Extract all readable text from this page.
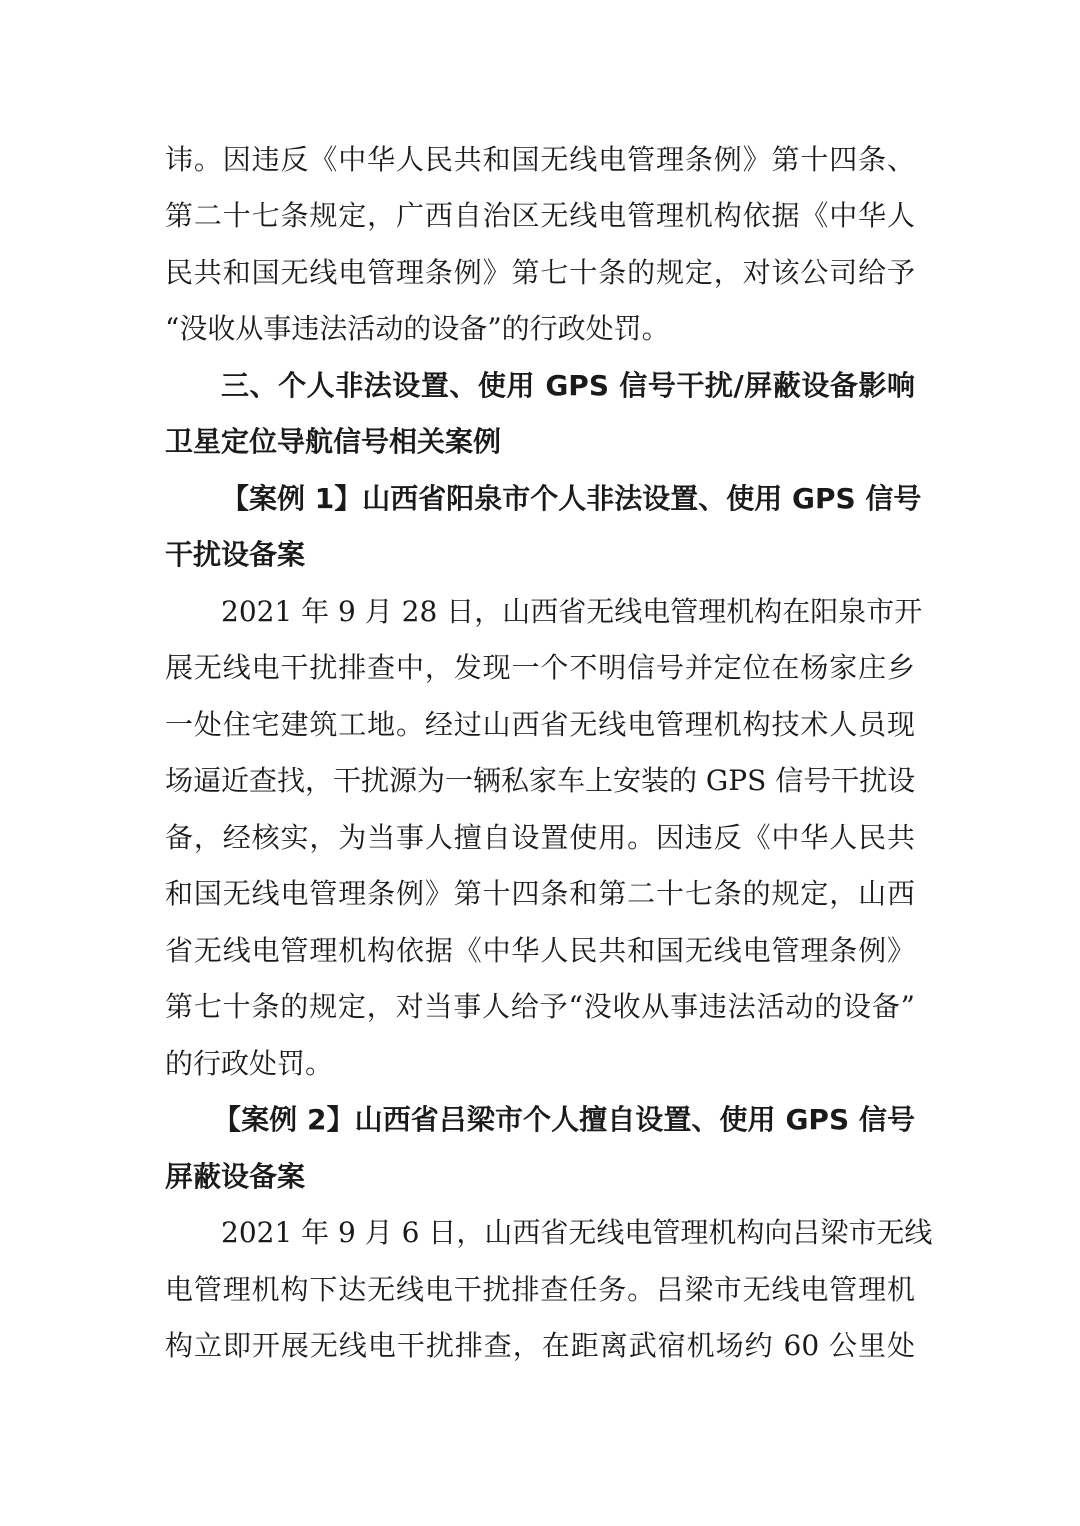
讳。因违反《中华人民共和国无线电管理条例》第十四条、
第二十七条规定，广西自治区无线电管理机构依据《中华人
民共和国无线电管理条例》第七十条的规定，对该公司给予
“没收从事违法活动的设备”的行政处罚。
三、个人非法设置、使用 GPS 信号干扰/屏蔽设备影响
卫星定位导航信号相关案例
【案例 1】山西省阳泉市个人非法设置、使用 GPS 信号
干扰设备案
2021 年 9 月 28 日，山西省无线电管理机构在阳泉市开
展无线电干扰排查中，发现一个不明信号并定位在杨家庄乡
一处住宅建筑工地。经过山西省无线电管理机构技术人员现
场逼近查找，干扰源为一辆私家车上安装的 GPS 信号干扰设
备，经核实，为当事人擅自设置使用。因违反《中华人民共
和国无线电管理条例》第十四条和第二十七条的规定，山西
省无线电管理机构依据《中华人民共和国无线电管理条例》
第七十条的规定，对当事人给予“没收从事违法活动的设备”
的行政处罚。
【案例 2】山西省吕梁市个人擅自设置、使用 GPS 信号
屏蔽设备案
2021 年 9 月 6 日，山西省无线电管理机构向吕梁市无线
电管理机构下达无线电干扰排查任务。吕梁市无线电管理机
构立即开展无线电干扰排查，在距离武宿机场约 60 公里处
